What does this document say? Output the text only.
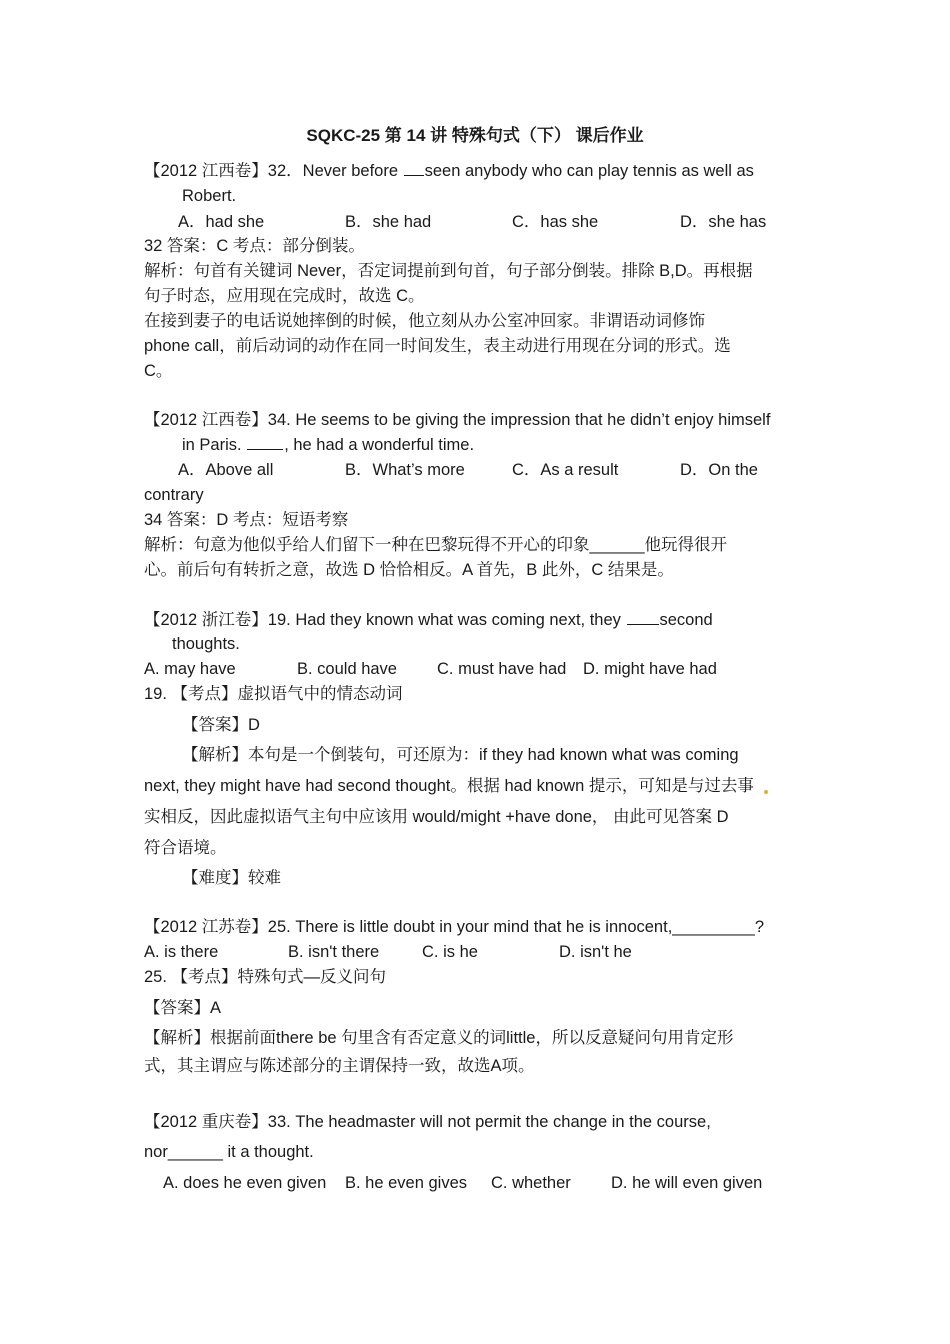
SQKC-25 第 14 讲 特殊句式（下） 课后作业
【2012 江西卷】32．Never before seen anybody who can play tennis as well as
Robert.
A．had she	B．she had	C．has she	D．she has
32 答案：C 考点：部分倒装。
解析：句首有关键词 Never，否定词提前到句首，句子部分倒装。排除 B,D。再根据
句子时态，应用现在完成时，故选 C。
在接到妻子的电话说她摔倒的时候，他立刻从办公室冲回家。非谓语动词修饰
phone call，前后动词的动作在同一时间发生，表主动进行用现在分词的形式。选
C。
【2012 江西卷】34. He seems to be giving the impression that he didn’t enjoy himself
in Paris. , he had a wonderful time.
A．Above all	B．What’s more	C．As a result	D．On the
contrary
34 答案：D 考点：短语考察
解析：句意为他似乎给人们留下一种在巴黎玩得不开心的印象______他玩得很开
心。前后句有转折之意，故选 D 恰恰相反。A 首先，B 此外，C 结果是。
【2012 浙江卷】19. Had they known what was coming next, they second
thoughts.
A. may have	B. could have C. must have had D. might have had
19. 【考点】虚拟语气中的情态动词
【答案】D
【解析】本句是一个倒装句，可还原为：if they had known what was coming
next, they might have had second thought。根据 had known 提示，可知是与过去事
实相反，因此虚拟语气主句中应该用 would/might +have done， 由此可见答案 D
符合语境。
【难度】较难
【2012 江苏卷】25. There is little doubt in your mind that he is innocent,_________?
A. is there	B. isn't there	C. is he	D. isn't he
25. 【考点】特殊句式—反义问句
【答案】A
【解析】根据前面there be 句里含有否定意义的词little，所以反意疑问句用肯定形
式，其主谓应与陈述部分的主谓保持一致，故选A项。
【2012 重庆卷】33. The headmaster will not permit the change in the course,
nor______ it a thought.
A. does he even given B. he even gives C. whether D. he will even given
